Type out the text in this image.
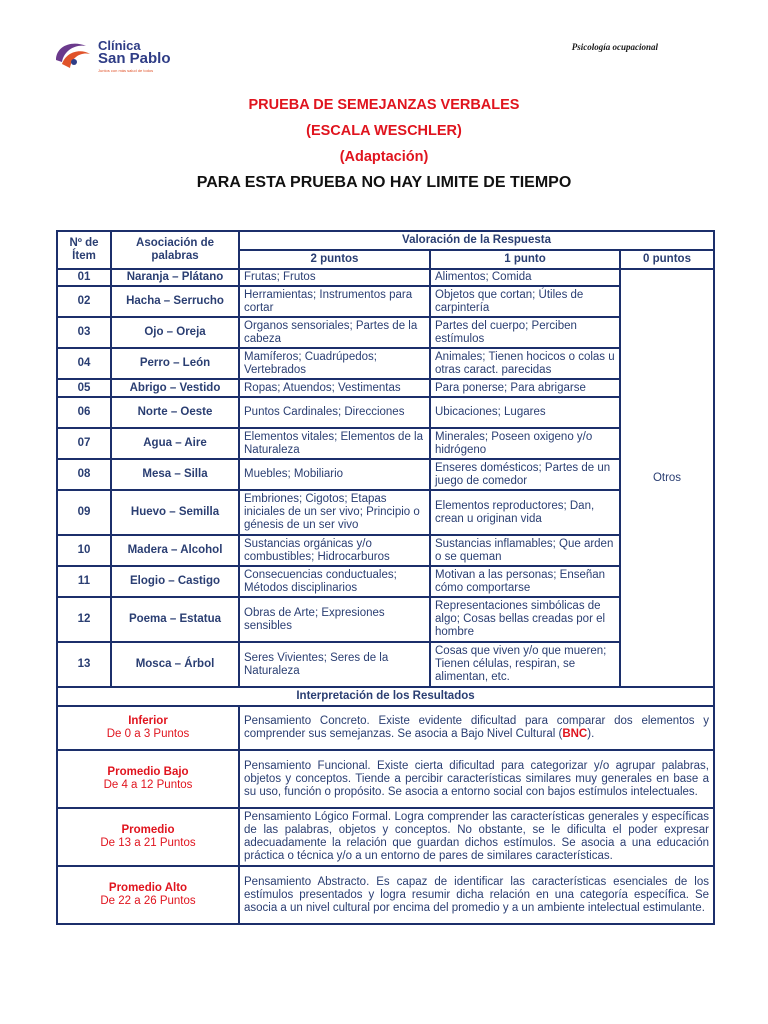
Clínica
San Pablo
Juntos con más salud de todos
Psicología ocupacional
PRUEBA DE SEMEJANZAS VERBALES
(ESCALA WESCHLER)
(Adaptación)
PARA ESTA PRUEBA NO HAY LIMITE DE TIEMPO
Nº de Ítem	Asociación de palabras	Valoración de la Respuesta		
		2 puntos	1 punto	0 puntos
01	Naranja – Plátano	Frutas; Frutos	Alimentos; Comida	Otros
02	Hacha – Serrucho	Herramientas; Instrumentos para cortar	Objetos que cortan; Útiles de carpintería	
03	Ojo – Oreja	Organos sensoriales; Partes de la cabeza	Partes del cuerpo; Perciben estímulos	
04	Perro – León	Mamíferos; Cuadrúpedos; Vertebrados	Animales; Tienen hocicos o colas u otras caract. parecidas	
05	Abrigo – Vestido	Ropas; Atuendos; Vestimentas	Para ponerse; Para abrigarse	
06	Norte – Oeste	Puntos Cardinales; Direcciones	Ubicaciones; Lugares	
07	Agua – Aire	Elementos vitales; Elementos de la Naturaleza	Minerales; Poseen oxigeno y/o hidrógeno	
08	Mesa – Silla	Muebles; Mobiliario	Enseres domésticos; Partes de un juego de comedor	
09	Huevo – Semilla	Embriones; Cigotos; Etapas iniciales de un ser vivo; Principio o génesis de un ser vivo	Elementos reproductores; Dan, crean u originan vida	
10	Madera – Alcohol	Sustancias orgánicas y/o combustibles; Hidrocarburos	Sustancias inflamables; Que arden o se queman	
11	Elogio – Castigo	Consecuencias conductuales; Métodos disciplinarios	Motivan a las personas; Enseñan cómo comportarse	
12	Poema – Estatua	Obras de Arte; Expresiones sensibles	Representaciones simbólicas de algo; Cosas bellas creadas por el hombre	
13	Mosca – Árbol	Seres Vivientes; Seres de la Naturaleza	Cosas que viven y/o que mueren; Tienen células, respiran, se alimentan, etc.	
Interpretación de los Resultados				

Inferior
De 0 a 3 Puntos		Pensamiento Concreto. Existe evidente dificultad para comparar dos elementos y comprender sus semejanzas. Se asocia a Bajo Nivel Cultural (BNC).		

Promedio Bajo
De 4 a 12 Puntos		Pensamiento Funcional. Existe cierta dificultad para categorizar y/o agrupar palabras, objetos y conceptos. Tiende a percibir características similares muy generales en base a su uso, función o propósito. Se asocia a entorno social con bajos estímulos intelectuales.		

Promedio
De 13 a 21 Puntos		Pensamiento Lógico Formal. Logra comprender las características generales y específicas de las palabras, objetos y conceptos. No obstante, se le dificulta el poder expresar adecuadamente la relación que guardan dichos estímulos. Se asocia a una educación práctica o técnica y/o a un entorno de pares de similares características.		

Promedio Alto
De 22 a 26 Puntos		Pensamiento Abstracto. Es capaz de identificar las características esenciales de los estímulos presentados y logra resumir dicha relación en una categoría específica. Se asocia a un nivel cultural por encima del promedio y a un ambiente intelectual estimulante.		
